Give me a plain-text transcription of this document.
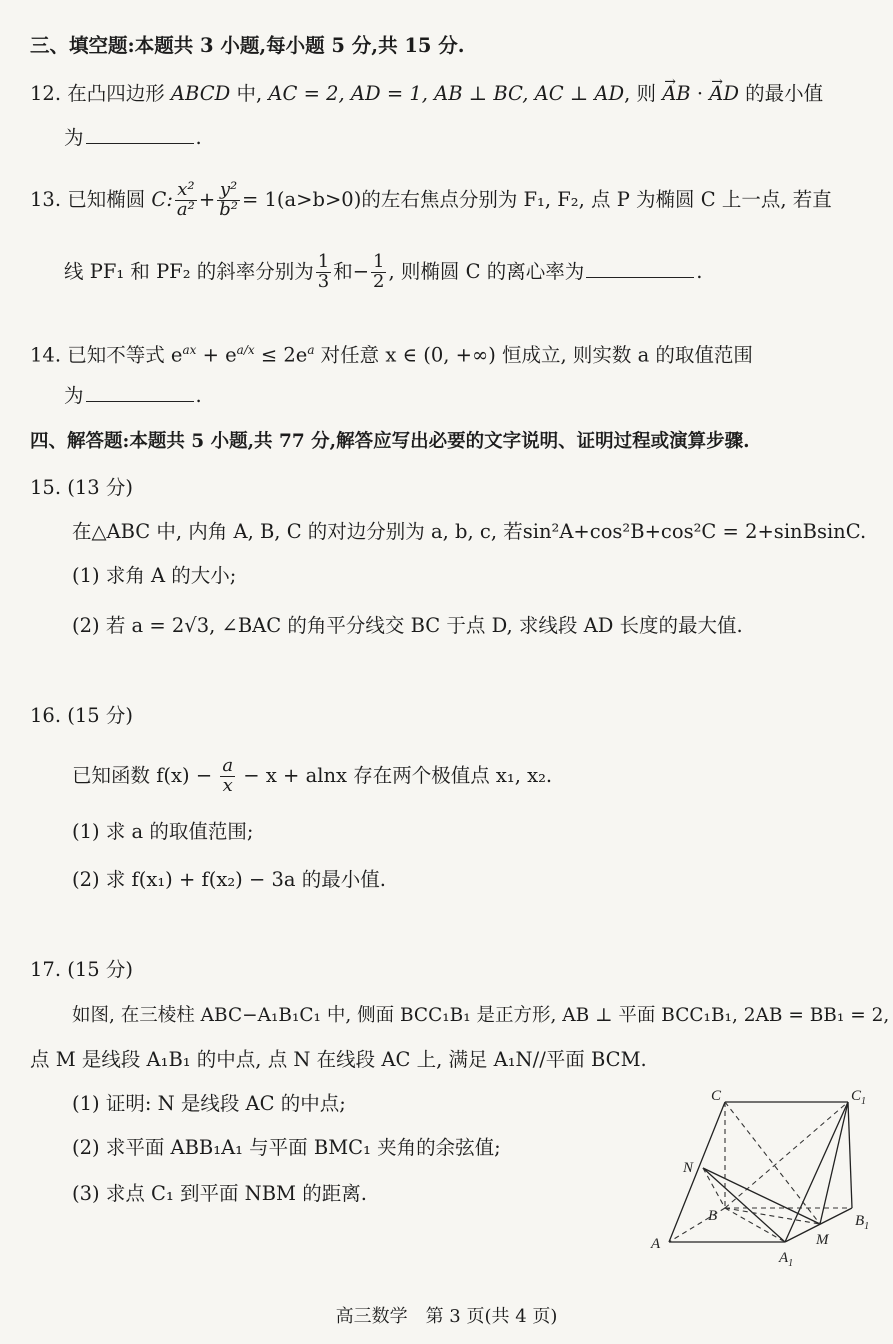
三、填空题:本题共 3 小题,每小题 5 分,共 15 分.
12. 在凸四边形 ABCD 中, AC = 2, AD = 1, AB ⊥ BC, AC ⊥ AD, 则 → AB · → AD 的最小值
为	.
13. 已知椭圆 C: $\frac{\text{x²}}{\text{a²}} + \frac{\text{y²}}{\text{b²}} = 1(a>b>0)$的左右焦点分别为 F₁, F₂, 点 P 为椭圆 C 上一点, 若直
线 PF₁ 和 PF₂ 的斜率分别为 $\frac{1}{3}$ 和− $\frac{1}{2}$ , 则椭圆 C 的离心率为	.
14. 已知不等式 $e^{ax} + e^{a/x} \le 2e^a$ 对任意 x ∈ (0, +∞) 恒成立, 则实数 a 的取值范围
为	.
四、解答题:本题共 5 小题,共 77 分,解答应写出必要的文字说明、证明过程或演算步骤.
15. (13 分)
在△ABC 中, 内角 A, B, C 的对边分别为 a, b, c, 若sin²A+cos²B+cos²C = 2+sinBsinC.
(1) 求角 A 的大小;
(2) 若 a = 2√3, ∠BAC 的角平分线交 BC 于点 D, 求线段 AD 长度的最大值.
16. (15 分)
已知函数 $f(x) - \frac{a}{x} - x + alnx$ 存在两个极值点 x₁, x₂.
(1) 求 a 的取值范围;
(2) 求 f(x₁) + f(x₂) − 3a 的最小值.
17. (15 分)
如图, 在三棱柱 ABC−A₁B₁C₁ 中, 侧面 BCC₁B₁ 是正方形, AB ⊥ 平面 BCC₁B₁, 2AB = BB₁ = 2,
点 M 是线段 A₁B₁ 的中点, 点 N 在线段 AC 上, 满足 A₁N//平面 BCM.
(1) 证明: N 是线段 AC 的中点;
(2) 求平面 ABB₁A₁ 与平面 BMC₁ 夹角的余弦值;
(3) 求点 C₁ 到平面 NBM 的距离.
C	$C_1$
N
B	$B_1$
A
$A_1$
M
高三数学　第 3 页(共 4 页)
